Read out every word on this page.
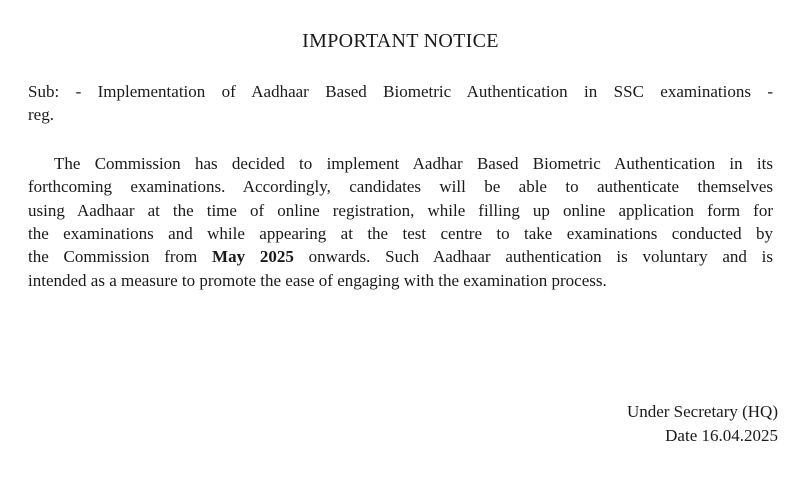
IMPORTANT NOTICE
Sub: - Implementation of Aadhaar Based Biometric Authentication in SSC examinations -
reg.
The Commission has decided to implement Aadhar Based Biometric Authentication in its
forthcoming examinations. Accordingly, candidates will be able to authenticate themselves
using Aadhaar at the time of online registration, while filling up online application form for
the examinations and while appearing at the test centre to take examinations conducted by
the Commission from May 2025 onwards. Such Aadhaar authentication is voluntary and is
intended as a measure to promote the ease of engaging with the examination process.
Under Secretary (HQ)
Date 16.04.2025
